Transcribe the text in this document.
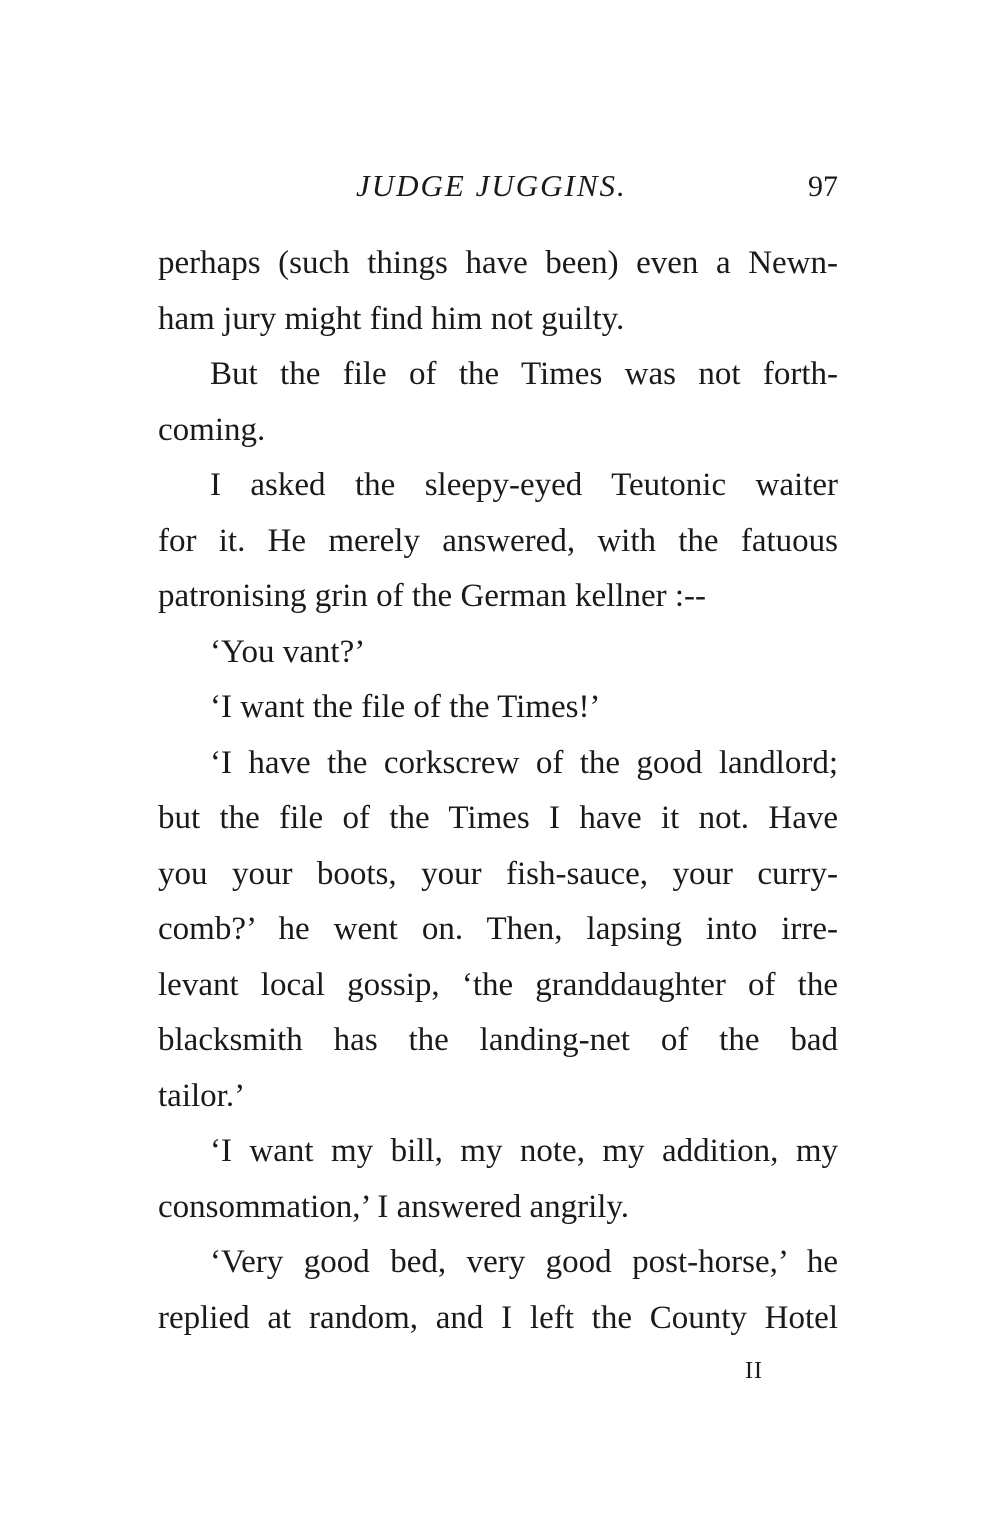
JUDGE JUGGINS.	97
perhaps (such things have been) even a Newn-
ham jury might find him not guilty.
But the file of the Times was not forth-
coming.
I asked the sleepy-eyed Teutonic waiter
for it. He merely answered, with the fatuous
patronising grin of the German kellner :--
‘You vant?’
‘I want the file of the Times!’
‘I have the corkscrew of the good landlord;
but the file of the Times I have it not. Have
you your boots, your fish-sauce, your curry-
comb?’ he went on. Then, lapsing into irre-
levant local gossip, ‘the granddaughter of the
blacksmith has the landing-net of the bad
tailor.’
‘I want my bill, my note, my addition, my
consommation,’ I answered angrily.
‘Very good bed, very good post-horse,’ he
replied at random, and I left the County Hotel
II
